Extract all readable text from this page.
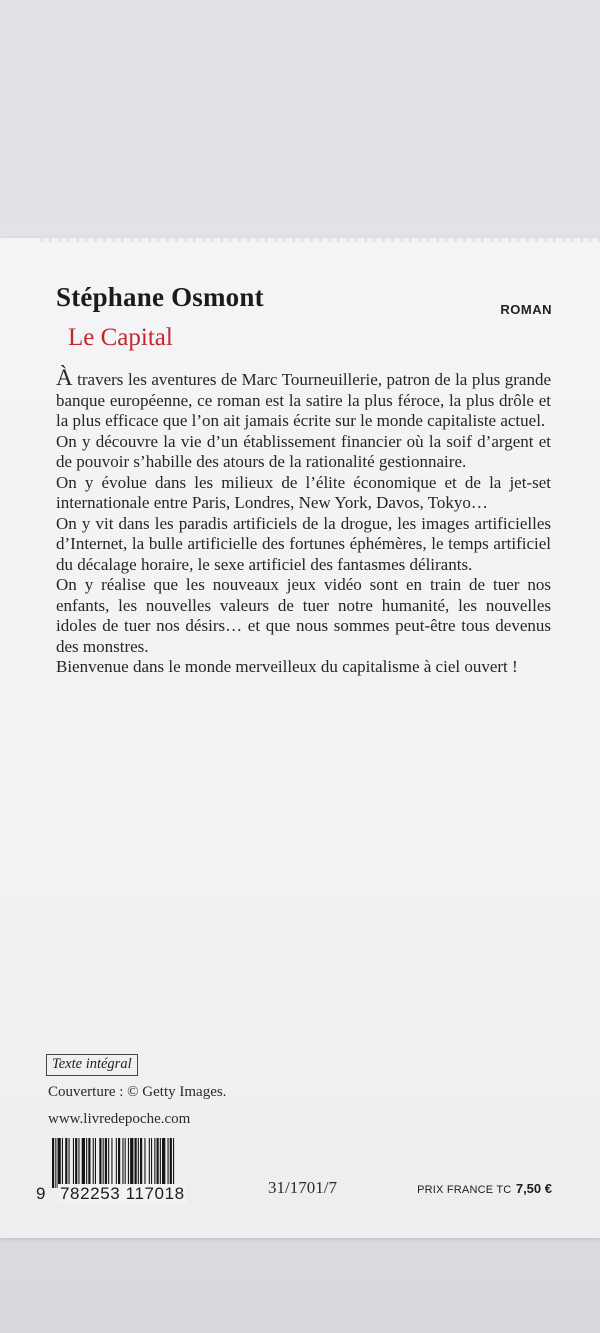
Stéphane Osmont	ROMAN
Le Capital

À travers les aventures de Marc Tourneuillerie, patron de la plus grande banque européenne, ce roman est la satire la plus féroce, la plus drôle et la plus efficace que l’on ait jamais écrite sur le monde capitaliste actuel.

On y découvre la vie d’un établissement financier où la soif d’argent et de pouvoir s’habille des atours de la rationalité gestionnaire.

On y évolue dans les milieux de l’élite économique et de la jet-set internationale entre Paris, Londres, New York, Davos, Tokyo…

On y vit dans les paradis artificiels de la drogue, les images artificielles d’Internet, la bulle artificielle des fortunes éphémères, le temps artificiel du décalage horaire, le sexe artificiel des fantasmes délirants.

On y réalise que les nouveaux jeux vidéo sont en train de tuer nos enfants, les nouvelles valeurs de tuer notre humanité, les nouvelles idoles de tuer nos désirs… et que nous sommes peut-être tous devenus des monstres.

Bienvenue dans le monde merveilleux du capitalisme à ciel ouvert !

Texte intégral
Couverture : © Getty Images.
www.livredepoche.com
9 782253 117018	31/1701/7	PRIX FRANCE TC 7,50 €
